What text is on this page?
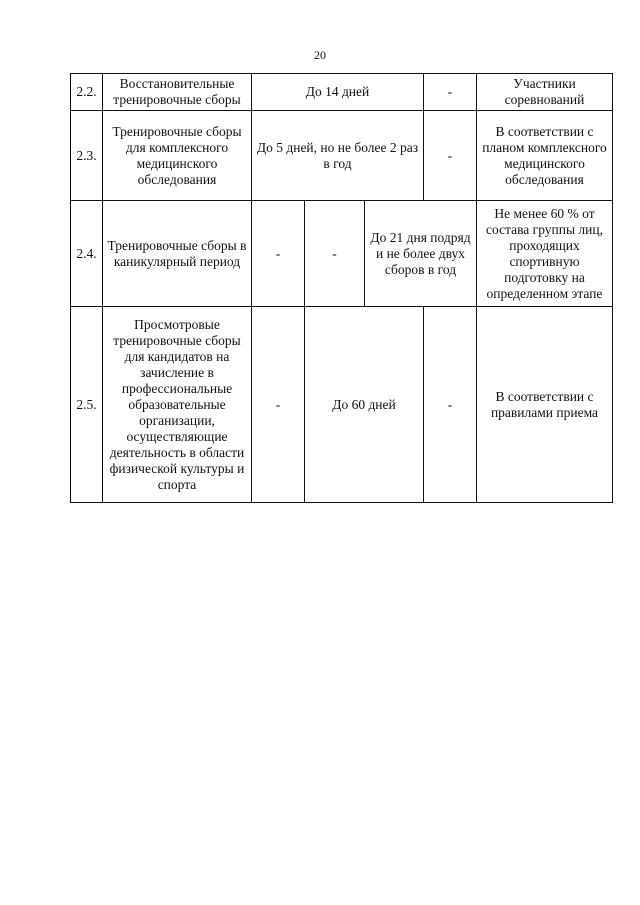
20
2.2.	Восстановительные тренировочные сборы	До 14 дней			-	Участники соревнований
2.3.	Тренировочные сборы для комплексного медицинского обследования	До 5 дней, но не более 2 раз в год			-	В соответствии с планом комплексного медицинского обследования
2.4.	Тренировочные сборы в каникулярный период	-	-	До 21 дня подряд и не более двух сборов в год		Не менее 60 % от состава группы лиц, проходящих спортивную подготовку на определенном этапе
2.5.	Просмотровые тренировочные сборы для кандидатов на зачисление в профессиональные образовательные организации, осуществляющие деятельность в области физической культуры и спорта	-	До 60 дней		-	В соответствии с правилами приема
